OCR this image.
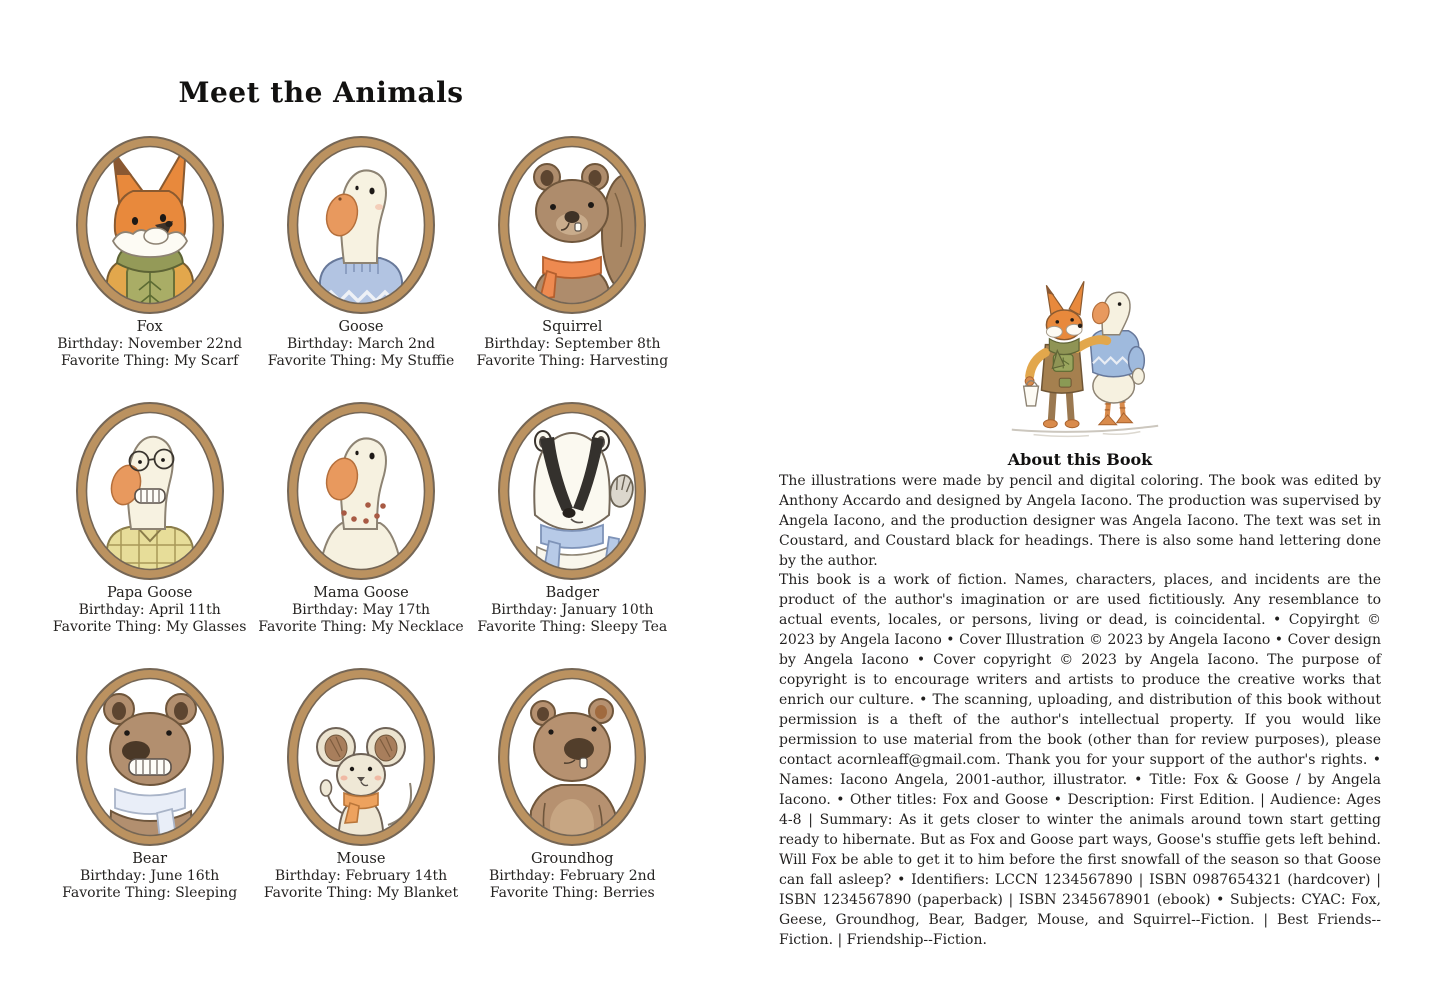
Meet the Animals
Fox
Birthday: November 22nd
Favorite Thing: My Scarf
Goose
Birthday: March 2nd
Favorite Thing: My Stuffie
Squirrel
Birthday: September 8th
Favorite Thing: Harvesting
Papa Goose
Birthday: April 11th
Favorite Thing: My Glasses
Mama Goose
Birthday: May 17th
Favorite Thing: My Necklace
Badger
Birthday: January 10th
Favorite Thing: Sleepy Tea
Bear
Birthday: June 16th
Favorite Thing: Sleeping
Mouse
Birthday: February 14th
Favorite Thing: My Blanket
Groundhog
Birthday: February 2nd
Favorite Thing: Berries
About this Book

The illustrations were made by pencil and digital coloring. The book was edited by Anthony Accardo and designed by Angela Iacono. The production was supervised by Angela Iacono, and the production designer was Angela Iacono. The text was set in Coustard, and Coustard black for headings. There is also some hand lettering done by the author.

This book is a work of fiction. Names, characters, places, and incidents are the product of the author's imagination or are used fictitiously. Any resemblance to actual events, locales, or persons, living or dead, is coincidental. • Copyirght © 2023 by Angela Iacono • Cover Illustration © 2023 by Angela Iacono • Cover design by Angela Iacono • Cover copyright © 2023 by Angela Iacono. The purpose of copyright is to encourage writers and artists to produce the creative works that enrich our culture. • The scanning, uploading, and distribution of this book without permission is a theft of the author's intellectual property. If you would like permission to use material from the book (other than for review purposes), please contact acornleaff@gmail.com. Thank you for your support of the author's rights. • Names: Iacono Angela, 2001-author, illustrator. • Title: Fox & Goose / by Angela Iacono. • Other titles: Fox and Goose • Description: First Edition. | Audience: Ages 4-8 | Summary: As it gets closer to winter the animals around town start getting ready to hibernate. But as Fox and Goose part ways, Goose's stuffie gets left behind. Will Fox be able to get it to him before the first snowfall of the season so that Goose can fall asleep? • Identifiers: LCCN 1234567890 | ISBN 0987654321 (hardcover) | ISBN 1234567890 (paperback) | ISBN 2345678901 (ebook) • Subjects: CYAC: Fox, Geese, Groundhog, Bear, Badger, Mouse, and Squirrel--Fiction. | Best Friends--Fiction. | Friendship--Fiction.
